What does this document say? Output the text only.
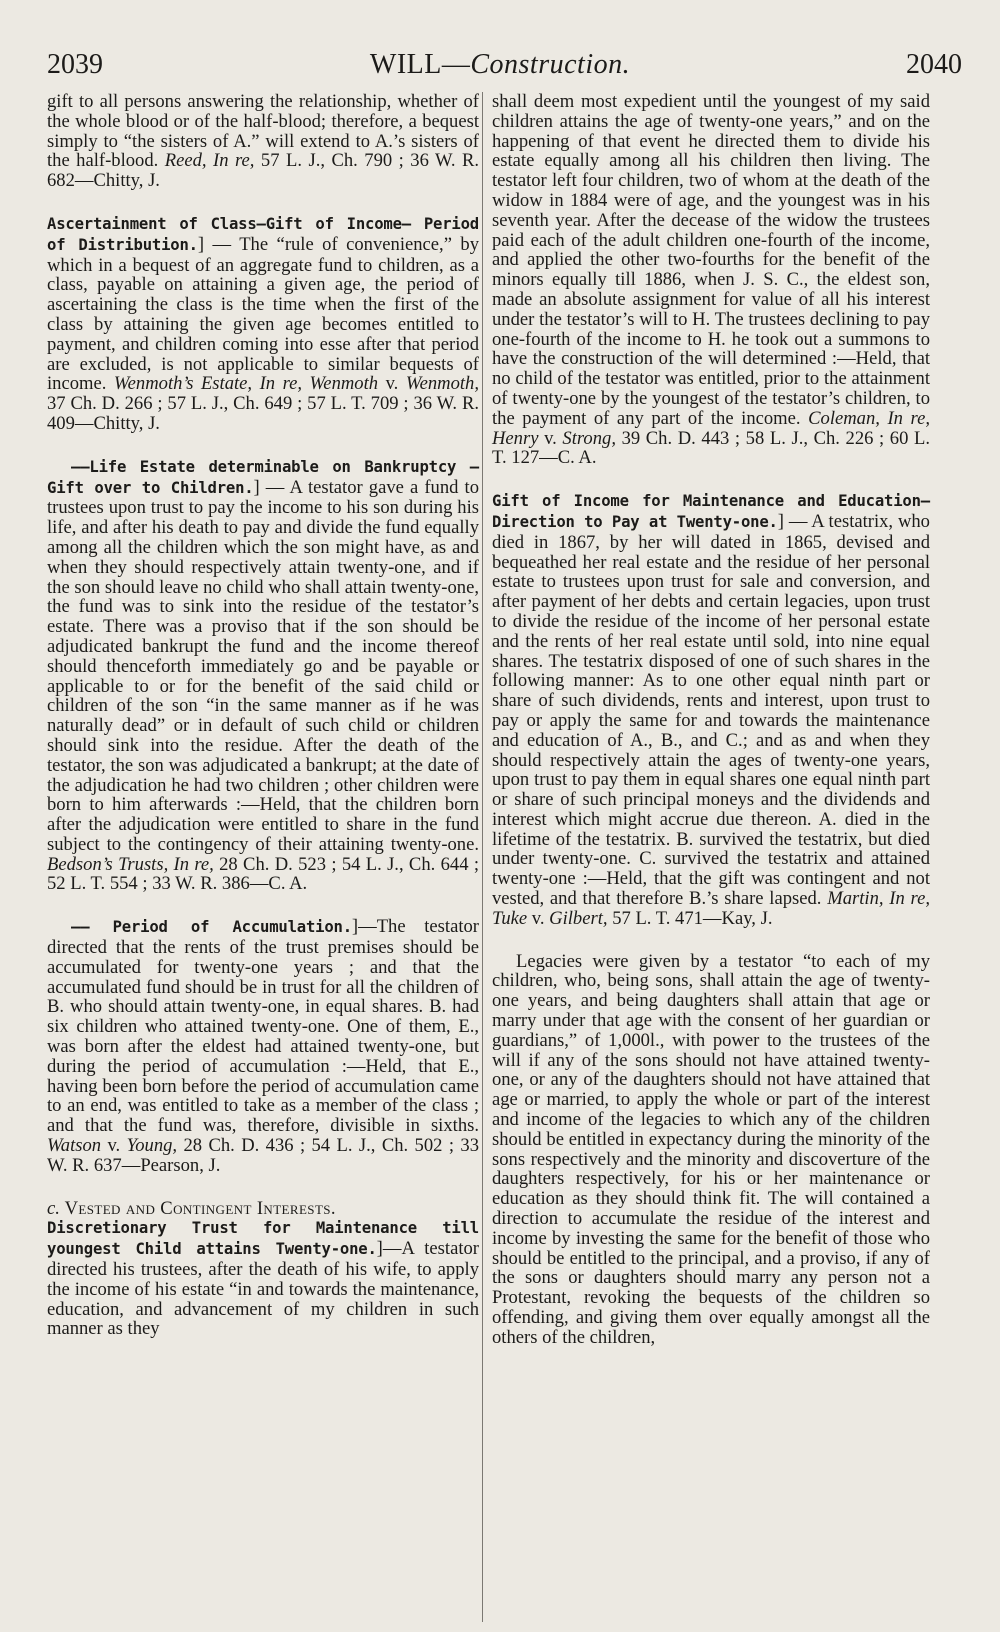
2039	WILL—Construction.	2040

gift to all persons answering the relationship, whether of the whole blood or of the half-blood; therefore, a bequest simply to “the sisters of A.” will extend to A.’s sisters of the half-blood. Reed, In re, 57 L. J., Ch. 790 ; 36 W. R. 682—Chitty, J.

Ascertainment of Class—Gift of Income— Period of Distribution.] — The “rule of convenience,” by which in a bequest of an aggregate fund to children, as a class, payable on attaining a given age, the period of ascertaining the class is the time when the first of the class by attaining the given age becomes entitled to payment, and children coming into esse after that period are excluded, is not applicable to similar bequests of income. Wenmoth’s Estate, In re, Wenmoth v. Wenmoth, 37 Ch. D. 266 ; 57 L. J., Ch. 649 ; 57 L. T. 709 ; 36 W. R. 409—Chitty, J.

——Life Estate determinable on Bankruptcy —Gift over to Children.] — A testator gave a fund to trustees upon trust to pay the income to his son during his life, and after his death to pay and divide the fund equally among all the children which the son might have, as and when they should respectively attain twenty-one, and if the son should leave no child who shall attain twenty-one, the fund was to sink into the residue of the testator’s estate. There was a proviso that if the son should be adjudicated bankrupt the fund and the income thereof should thenceforth immediately go and be payable or applicable to or for the benefit of the said child or children of the son “in the same manner as if he was naturally dead” or in default of such child or children should sink into the residue. After the death of the testator, the son was adjudicated a bankrupt; at the date of the adjudication he had two children ; other children were born to him afterwards :—Held, that the children born after the adjudication were entitled to share in the fund subject to the contingency of their attaining twenty-one. Bedson’s Trusts, In re, 28 Ch. D. 523 ; 54 L. J., Ch. 644 ; 52 L. T. 554 ; 33 W. R. 386—C. A.

—— Period of Accumulation.]—The testator directed that the rents of the trust premises should be accumulated for twenty-one years ; and that the accumulated fund should be in trust for all the children of B. who should attain twenty-one, in equal shares. B. had six children who attained twenty-one. One of them, E., was born after the eldest had attained twenty-one, but during the period of accumulation :—Held, that E., having been born before the period of accumulation came to an end, was entitled to take as a member of the class ; and that the fund was, therefore, divisible in sixths. Watson v. Young, 28 Ch. D. 436 ; 54 L. J., Ch. 502 ; 33 W. R. 637—Pearson, J.

c. Vested and Contingent Interests.

Discretionary Trust for Maintenance till youngest Child attains Twenty-one.]—A testator directed his trustees, after the death of his wife, to apply the income of his estate “in and towards the maintenance, education, and advancement of my children in such manner as they

shall deem most expedient until the youngest of my said children attains the age of twenty-one years,” and on the happening of that event he directed them to divide his estate equally among all his children then living. The testator left four children, two of whom at the death of the widow in 1884 were of age, and the youngest was in his seventh year. After the decease of the widow the trustees paid each of the adult children one-fourth of the income, and applied the other two-fourths for the benefit of the minors equally till 1886, when J. S. C., the eldest son, made an absolute assignment for value of all his interest under the testator’s will to H. The trustees declining to pay one-fourth of the income to H. he took out a summons to have the construction of the will determined :—Held, that no child of the testator was entitled, prior to the attainment of twenty-one by the youngest of the testator’s children, to the payment of any part of the income. Coleman, In re, Henry v. Strong, 39 Ch. D. 443 ; 58 L. J., Ch. 226 ; 60 L. T. 127—C. A.

Gift of Income for Maintenance and Education—Direction to Pay at Twenty-one.] — A testatrix, who died in 1867, by her will dated in 1865, devised and bequeathed her real estate and the residue of her personal estate to trustees upon trust for sale and conversion, and after payment of her debts and certain legacies, upon trust to divide the residue of the income of her personal estate and the rents of her real estate until sold, into nine equal shares. The testatrix disposed of one of such shares in the following manner: As to one other equal ninth part or share of such dividends, rents and interest, upon trust to pay or apply the same for and towards the maintenance and education of A., B., and C.; and as and when they should respectively attain the ages of twenty-one years, upon trust to pay them in equal shares one equal ninth part or share of such principal moneys and the dividends and interest which might accrue due thereon. A. died in the lifetime of the testatrix. B. survived the testatrix, but died under twenty-one. C. survived the testatrix and attained twenty-one :—Held, that the gift was contingent and not vested, and that therefore B.’s share lapsed. Martin, In re, Tuke v. Gilbert, 57 L. T. 471—Kay, J.

Legacies were given by a testator “to each of my children, who, being sons, shall attain the age of twenty-one years, and being daughters shall attain that age or marry under that age with the consent of her guardian or guardians,” of 1,000l., with power to the trustees of the will if any of the sons should not have attained twenty-one, or any of the daughters should not have attained that age or married, to apply the whole or part of the interest and income of the legacies to which any of the children should be entitled in expectancy during the minority of the sons respectively and the minority and discoverture of the daughters respectively, for his or her maintenance or education as they should think fit. The will contained a direction to accumulate the residue of the interest and income by investing the same for the benefit of those who should be entitled to the principal, and a proviso, if any of the sons or daughters should marry any person not a Protestant, revoking the bequests of the children so offending, and giving them over equally amongst all the others of the children,
